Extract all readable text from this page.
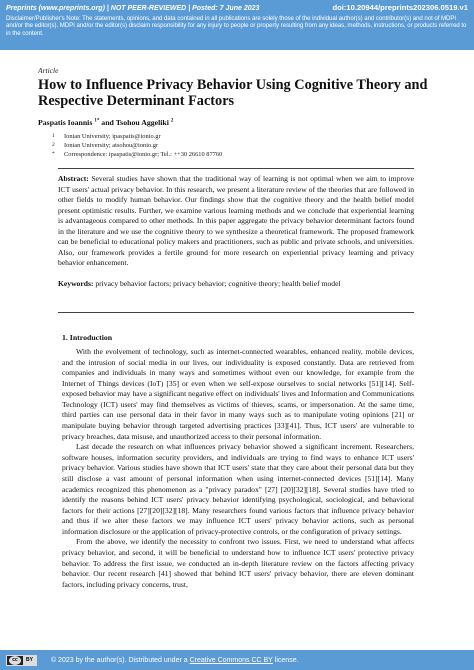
Preprints (www.preprints.org) | NOT PEER-REVIEWED | Posted: 7 June 2023	doi:10.20944/preprints202306.0519.v1
Disclaimer/Publisher's Note: The statements, opinions, and data contained in all publications are solely those of the individual author(s) and contributor(s) and not of MDPI and/or the editor(s). MDPI and/or the editor(s) disclaim responsibility for any injury to people or property resulting from any ideas, methods, instructions, or products referred to in the content.
Article
How to Influence Privacy Behavior Using Cognitive Theory and Respective Determinant Factors
Paspatis Ioannis $^{1*}$ and Tsohou Aggeliki $^2$
1	Ionian University; ipaspatis@ionio.gr
2	Ionian University; atsohou@ionio.gr
*	Correspondence: ipaspatis@ionio.gr; Tel.: ++30 26610 87760

Abstract: Several studies have shown that the traditional way of learning is not optimal when we aim to improve ICT users' actual privacy behavior. In this research, we present a literature review of the theories that are followed in other fields to modify human behavior. Our findings show that the cognitive theory and the health belief model present optimistic results. Further, we examine various learning methods and we conclude that experiential learning is advantageous compared to other methods. In this paper aggregate the privacy behavior determinant factors found in the literature and we use the cognitive theory to we synthesize a theoretical framework. The proposed framework can be beneficial to educational policy makers and practitioners, such as public and private schools, and universities. Also, our framework provides a fertile ground for more research on experiential privacy learning and privacy behavior enhancement.

Keywords: privacy behavior factors; privacy behavior; cognitive theory; health belief model

1. Introduction

With the evolvement of technology, such as internet-connected wearables, enhanced reality, mobile devices, and the intrusion of social media in our lives, our individuality is exposed constantly. Data are retrieved from companies and individuals in many ways and sometimes without even our knowledge, for example from the Internet of Things devices (IoT) [35] or even when we self-expose ourselves to social networks [51][14]. Self-exposed behavior may have a significant negative effect on individuals' lives and Information and Communications Technology (ICT) users' may find themselves as victims of thieves, scams, or impersonation. At the same time, third parties can use personal data in their favor in many ways such as to manipulate voting opinions [21] or manipulate buying behavior through targeted advertising practices [33][41]. Thus, ICT users' are vulnerable to privacy breaches, data misuse, and unauthorized access to their personal information.

Last decade the research on what influences privacy behavior showed a significant increment. Researchers, software houses, information security providers, and individuals are trying to find ways to enhance ICT users' privacy behavior. Various studies have shown that ICT users' state that they care about their personal data but they still disclose a vast amount of personal information when using internet-connected devices [51][14]. Many academics recognized this phenomenon as a "privacy paradox" [27] [20][32][18]. Several studies have tried to identify the reasons behind ICT users' privacy behavior identifying psychological, sociological, and behavioral factors for their actions [27][20][32][18]. Many researchers found various factors that influence privacy behavior and thus if we alter these factors we may influence ICT users' privacy behavior actions, such as personal information disclosure or the application of privacy-protective controls, or the configuration of privacy settings.

From the above, we identify the necessity to confront two issues. First, we need to understand what affects privacy behavior, and second, it will be beneficial to understand how to influence ICT users' protective privacy behavior. To address the first issue, we conducted an in-depth literature review on the factors affecting privacy behavior. Our recent research [41] showed that behind ICT users' privacy behavior, there are eleven dominant factors, including privacy concerns, trust,

cc	BY	© 2023 by the author(s). Distributed under a
Creative Commons CC BY
license.
